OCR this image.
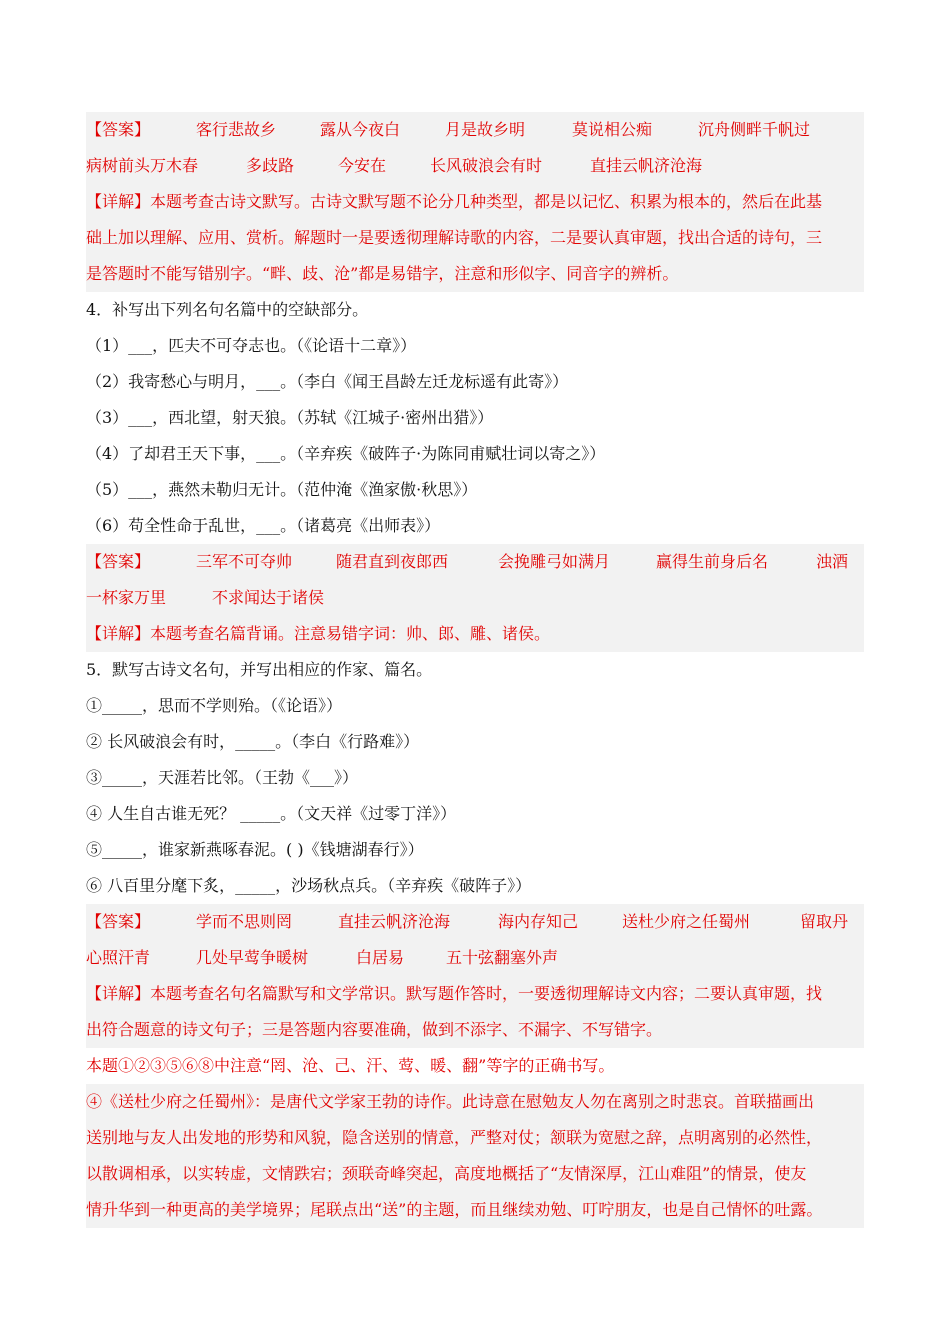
【答案】	客行悲故乡	露从今夜白	月是故乡明	莫说相公痴	沉舟侧畔千帆过
病树前头万木春	多歧路	今安在	长风破浪会有时	直挂云帆济沧海
【详解】本题考查古诗文默写。古诗文默写题不论分几种类型，都是以记忆、积累为根本的，然后在此基
础上加以理解、应用、赏析。解题时一是要透彻理解诗歌的内容，二是要认真审题，找出合适的诗句，三
是答题时不能写错别字。“畔、歧、沧”都是易错字，注意和形似字、同音字的辨析。
4．补写出下列名句名篇中的空缺部分。
（1）___，匹夫不可夺志也。（《论语十二章》）
（2）我寄愁心与明月，___。（李白《闻王昌龄左迁龙标遥有此寄》）
（3）___，西北望，射天狼。（苏轼《江城子·密州出猎》）
（4）了却君王天下事，___。（辛弃疾《破阵子·为陈同甫赋壮词以寄之》）
（5）___，燕然未勒归无计。（范仲淹《渔家傲·秋思》）
（6）苟全性命于乱世，___。（诸葛亮《出师表》）
【答案】	三军不可夺帅	随君直到夜郎西	会挽雕弓如满月	赢得生前身后名	浊酒
一杯家万里	不求闻达于诸侯
【详解】本题考查名篇背诵。注意易错字词：帅、郎、雕、诸侯。
5．默写古诗文名句，并写出相应的作家、篇名。
①_____，思而不学则殆。（《论语》）
② 长风破浪会有时，_____。（李白《行路难》）
③_____，天涯若比邻。（王勃《___》）
④ 人生自古谁无死？ _____。（文天祥《过零丁洋》）
⑤_____，谁家新燕啄春泥。( )《钱塘湖春行》）
⑥ 八百里分麾下炙，_____，沙场秋点兵。（辛弃疾《破阵子》）
【答案】	学而不思则罔	直挂云帆济沧海	海内存知己	送杜少府之任蜀州	留取丹
心照汗青	几处早莺争暖树	白居易	五十弦翻塞外声
【详解】本题考查名句名篇默写和文学常识。默写题作答时，一要透彻理解诗文内容；二要认真审题，找
出符合题意的诗文句子；三是答题内容要准确，做到不添字、不漏字、不写错字。
本题①②③⑤⑥⑧中注意“罔、沧、己、汗、莺、暖、翻”等字的正确书写。
④《送杜少府之任蜀州》：是唐代文学家王勃的诗作。此诗意在慰勉友人勿在离别之时悲哀。首联描画出
送别地与友人出发地的形势和风貌，隐含送别的情意，严整对仗；颔联为宽慰之辞，点明离别的必然性，
以散调相承，以实转虚，文情跌宕；颈联奇峰突起，高度地概括了“友情深厚，江山难阻”的情景，使友
情升华到一种更高的美学境界；尾联点出“送”的主题，而且继续劝勉、叮咛朋友，也是自己情怀的吐露。
